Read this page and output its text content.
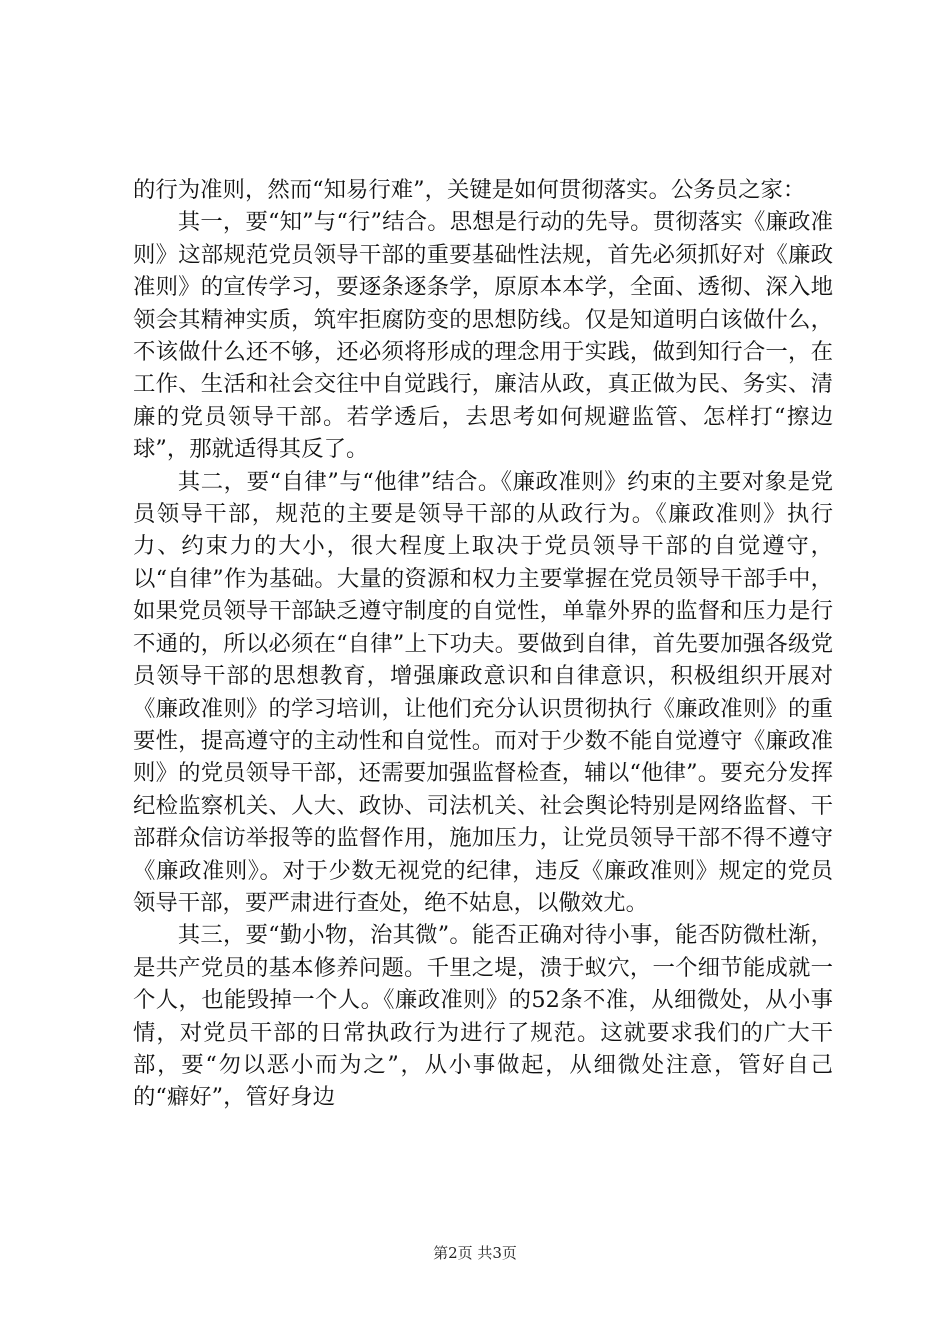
的行为准则，然而“知易行难”，关键是如何贯彻落实。公务员之家：

其一，要“知”与“行”结合。思想是行动的先导。贯彻落实《廉政准则》这部规范党员领导干部的重要基础性法规，首先必须抓好对《廉政准则》的宣传学习，要逐条逐条学，原原本本学，全面、透彻、深入地领会其精神实质，筑牢拒腐防变的思想防线。仅是知道明白该做什么，不该做什么还不够，还必须将形成的理念用于实践，做到知行合一，在工作、生活和社会交往中自觉践行，廉洁从政，真正做为民、务实、清廉的党员领导干部。若学透后，去思考如何规避监管、怎样打“擦边球”，那就适得其反了。

其二，要“自律”与“他律”结合。《廉政准则》约束的主要对象是党员领导干部，规范的主要是领导干部的从政行为。《廉政准则》执行力、约束力的大小，很大程度上取决于党员领导干部的自觉遵守，以“自律”作为基础。大量的资源和权力主要掌握在党员领导干部手中，如果党员领导干部缺乏遵守制度的自觉性，单靠外界的监督和压力是行不通的，所以必须在“自律”上下功夫。要做到自律，首先要加强各级党员领导干部的思想教育，增强廉政意识和自律意识，积极组织开展对《廉政准则》的学习培训，让他们充分认识贯彻执行《廉政准则》的重要性，提高遵守的主动性和自觉性。而对于少数不能自觉遵守《廉政准则》的党员领导干部，还需要加强监督检查，辅以“他律”。要充分发挥纪检监察机关、人大、政协、司法机关、社会舆论特别是网络监督、干部群众信访举报等的监督作用，施加压力，让党员领导干部不得不遵守《廉政准则》。对于少数无视党的纪律，违反《廉政准则》规定的党员领导干部，要严肃进行查处，绝不姑息，以儆效尤。

其三，要“勤小物，治其微”。能否正确对待小事，能否防微杜渐，是共产党员的基本修养问题。千里之堤，溃于蚁穴，一个细节能成就一个人，也能毁掉一个人。《廉政准则》的52条不准，从细微处，从小事情，对党员干部的日常执政行为进行了规范。这就要求我们的广大干部，要“勿以恶小而为之”，从小事做起，从细微处注意，管好自己的“癖好”，管好身边

第2页 共3页
